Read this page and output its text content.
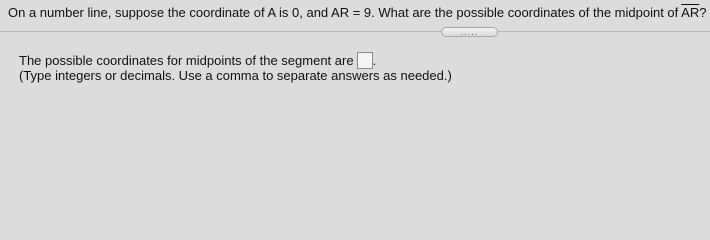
On a number line, suppose the coordinate of A is 0, and AR = 9. What are the possible coordinates of the midpoint of $\overline{AR}$?
.....
The possible coordinates for midpoints of the segment are .
(Type integers or decimals. Use a comma to separate answers as needed.)
